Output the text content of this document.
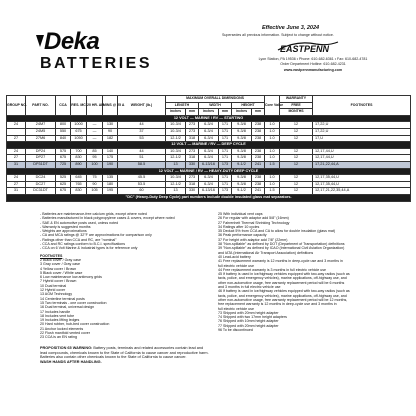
Deka
BATTERIES
Effective June 3, 2024
Supersedes all previous information. Subject to change without notice.
EASTPENN
Lyon Station, PA 19536 • Phone: 610-682-6361 • Fax: 610-682-4781
Order Department Hotline: 610-682-4231
www.eastpennmanufacturing.com
GROUP NO.	PART NO.	CCA	RES. MC	20 HR. AH	MINS @ 25 A	WEIGHT (lb.)	MAXIMUM OVERALL DIMENSIONS						Core Value	WARRANTY	FOOTNOTES
							LENGTH		WIDTH		HEIGHT			FREE	
							inches	mm	inches	mm	inches	mm		MONTHS	
12 VOLT — MARINE / RV — STARTING															
24	24M7	800	1000	—	130	44	10-3/4	273	6-3/4	171	9-3/8	238	1.0	12	17,22,U
	24M5	550	675	—	90	37	10-3/4	273	6-3/4	171	9-3/8	238	1.0	12	17,22,U
27	27M6	840	1050	—	182	53	12-1/2	318	6-3/4	171	9-3/8	238	1.0	12	17,U
12 VOLT — MARINE / RV — DEEP CYCLE															
24	DP24	575	700	85	140	44	10-3/4	273	6-3/4	171	9-3/8	238	1.0	12	12,17,44,U
27	DP27	675	830	95	175	51	12-1/2	318	6-3/4	171	9-3/8	238	1.0	12	12,17,44,U
31	DP31DT	725	890	100	190	58.5	13	330	6-13/16	173	9-1/2	241	1.5	12	17,21,22,44,A
12 VOLT — MARINE / RV — HEAVY-DUTY DEEP CYCLE															
24	DC24	525	645	75	135	45.5	10-3/4	273	6-3/4	171	9-3/8	238	1.0	12	12,17,35,44,U
27	DC27	625	765	90	180	53.5	12-1/2	318	6-3/4	171	9-3/8	238	1.0	12	12,17,35,44,U
31	DC31DT	675	830	105	195	60	13	330	6-13/16	173	9-1/2	241	1.5	12	12,17,21,22,35,44,A
"DC" (Heavy-Duty Deep Cycle) part numbers include double insulated glass mat separators.															
- Batteries are maintenance-free calcium grids, except where noted
- Batteries manufactured in black polypropylene cases & covers, except where noted
- SAE & EN automotive posts used, unless noted
- Warranty is suggested months
- Weights are approximations
- CA and MCA ratings @ 32°F are approximations for comparison only
- Ratings other than CCA and RC, are "nominal"
- CCA and RC ratings conform to B.C.I. specifications
- CCA on 6 Volt Marine & industrial types is for reference only
FOOTNOTES
2 Black cover / Gray case
3 Gray cover / Gray case
4 Yellow cover / Brown
5 Black cover / White case
6 Low maintenance low antimony grids
7 Hybrid cover / Brown
10 Dual terminal
12 Hybrid cover
13 AGM Technology
14 Centerline terminal posts
15 Two terminals - one cover construction
16 Dual terminal, universal design
17 Includes handle
18 Includes vent tube
19 Includes lifting ledges
20 Hard rubber, hub-bed cover construction
21 Anchor locked elements
22 Flush manifold vented cover
23 CCA is an EN rating
25 With individual vent caps
26 For regular with adaptor add 5/8" (16mm)
27 Fahrenheit Thermal Shrinking Technology
34 Ratings after 10 cycles
35 Deduct 5% from CCA and CA to allow for double insulation (glass mat)
36 Peak performance capacity
37 For height with adaptor add 7/8" (22mm)
38 "Non-spillable" as defined by DOT (Department of Transportation) definitions
39 "Non-spillable" as defined by ICAO (International Civil Aviation Organization)
and IATA (International Air Transport Association) definitions
40 Lead-acid battery
41 Free replacement warranty is 12 months in deep-cycle use and 3 months in
full electric vehicle use
44 Free replacement warranty is 3 months in full electric vehicle use
45 If battery is used in ice/highway vehicles equipped with two-way radios (such as
taxis, police, and emergency vehicles), marine applications, off-highway use, and
other non-automotive usage, free warranty replacement period will be 6 months
and 3 months in full electric vehicle use
46 If battery is used in ice/highway vehicles equipped with two-way radios (such as
taxis, police, and emergency vehicles), marine applications, off-highway use, and
other non-automotive usage, free warranty replacement period will be 12 months,
free replacement warranty is 12 months in deep-cycle use and 3 months in
full electric vehicle use
73 Shipped with 20mm height adapter
74 Shipped with two 17mm height adapters
76 Shipped with 10mm height adapter
77 Shipped with 20mm height adapter
96 To be discontinued
PROPOSITION 65 WARNING: Battery posts, terminals and related accessories contain lead and lead compounds, chemicals known to the State of California to cause cancer and reproductive harm. Batteries also contain other chemicals known to the State of California to cause cancer.
WASH HANDS AFTER HANDLING.
